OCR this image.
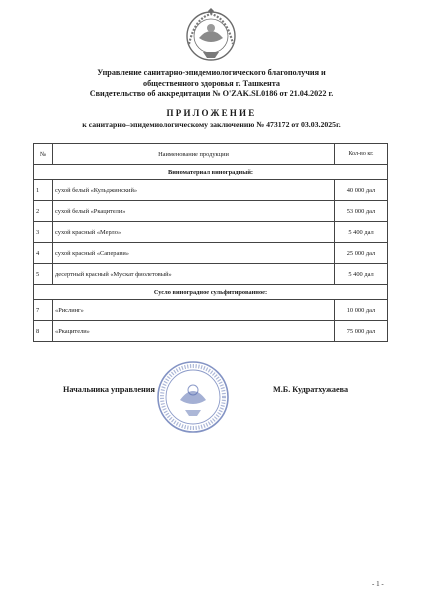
Управление санитарно-эпидемиологического благополучия и
общественного здоровья г. Ташкента
Свидетельство об аккредитации № O'ZAK.SL0186 от 21.04.2022 г.
ПРИЛОЖЕНИЕ
к санитарно–эпидемиологическому заключению № 473172 от 03.03.2025г.
№	Наименование продукции	Кол-во кг.
Виноматериал виноградный:		
1	сухой белый «Кульджинский»	40 000 дал
2	сухой белый «Ркацители»	53 000 дал
3	сухой красный «Мерло»	5 400 дал
4	сухой красный «Саперави»	25 000 дал
5	десертный красный «Мускат фиолетовый»	5 400 дал
Сусло виноградное сульфитированное:		
7	«Рислинг»	10 000 дал
8	«Ркацители»	75 000 дал
Начальника управления	М.Б. Кудратхужаева
- 1 -
